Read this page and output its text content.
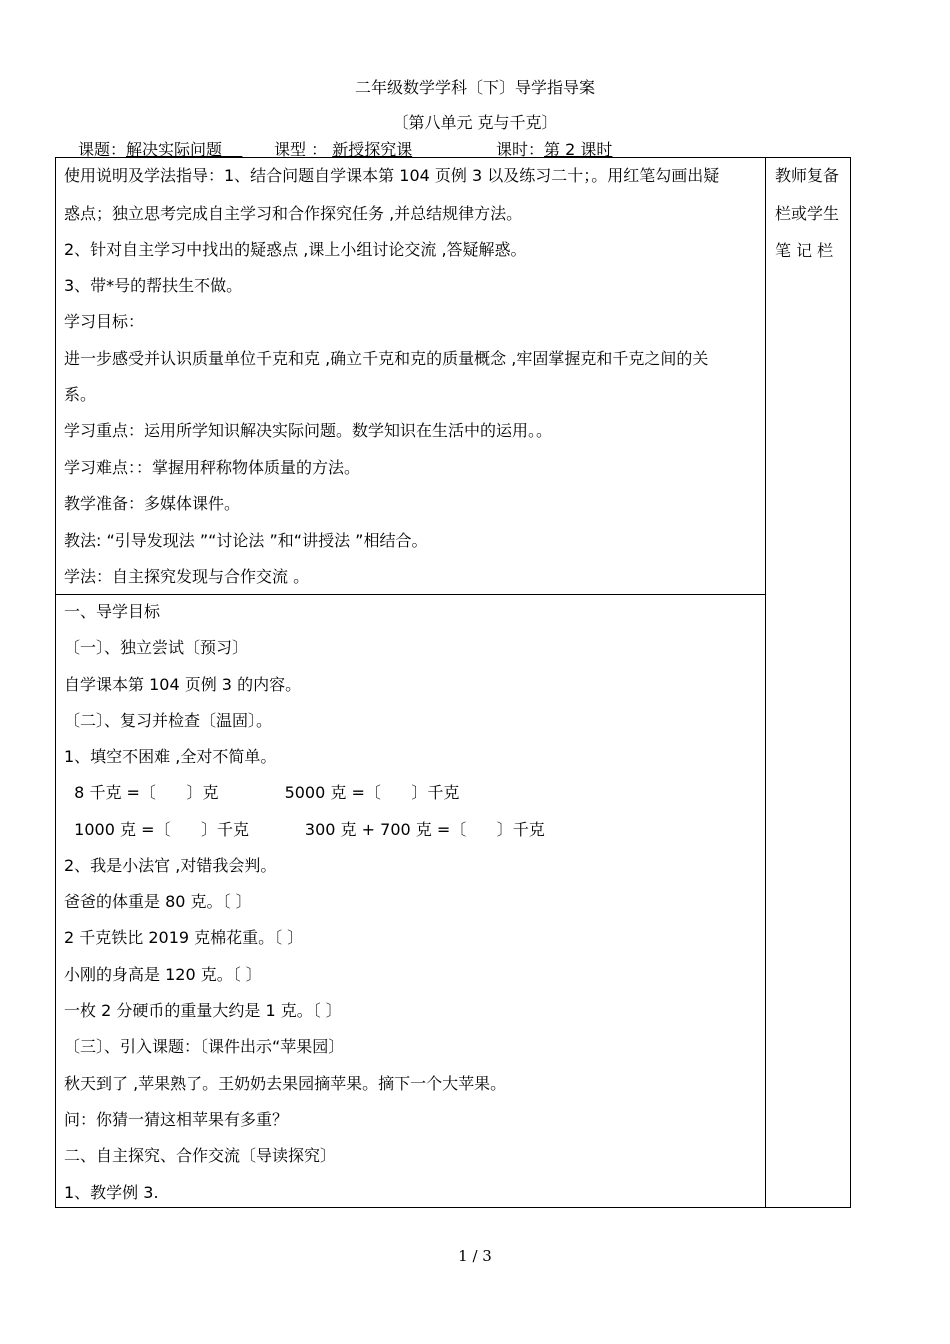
二年级数学学科〔下〕导学指导案
〔第八单元 克与千克〕
课题：解决实际问题	课型 ： 新授探究课	课时：第 2 课时
教师复备
栏或学生
笔 记 栏
使用说明及学法指导：1、结合问题自学课本第 104 页例 3 以及练习二十；。用红笔勾画出疑
惑点；独立思考完成自主学习和合作探究任务 ,并总结规律方法。
2、针对自主学习中找出的疑惑点 ,课上小组讨论交流 ,答疑解惑。
3、带*号的帮扶生不做。
学习目标：
进一步感受并认识质量单位千克和克 ,确立千克和克的质量概念 ,牢固掌握克和千克之间的关
系。
学习重点：运用所学知识解决实际问题。数学知识在生活中的运用。。
学习难点：：掌握用秤称物体质量的方法。
教学准备：多媒体课件。
教法: “引导发现法 ”“讨论法 ”和“讲授法 ”相结合。
学法：自主探究发现与合作交流 。
一、导学目标
〔一〕、独立尝试〔预习〕
自学课本第 104 页例 3 的内容。
〔二〕、复习并检查〔温固〕。
1、填空不困难 ,全对不简单。
8 千克 =〔      〕克             5000 克 =〔      〕千克
1000 克 =〔      〕千克           300 克 + 700 克 =〔      〕千克
2、我是小法官 ,对错我会判。
爸爸的体重是 80 克。〔 〕
2 千克铁比 2019 克棉花重。〔 〕
小刚的身高是 120 克。〔 〕
一枚 2 分硬币的重量大约是 1 克。〔 〕
〔三〕、引入课题：〔课件出示“苹果园〕
秋天到了 ,苹果熟了。王奶奶去果园摘苹果。摘下一个大苹果。
问：你猜一猜这相苹果有多重？
二、自主探究、合作交流〔导读探究〕
1、教学例 3.
1 / 3
